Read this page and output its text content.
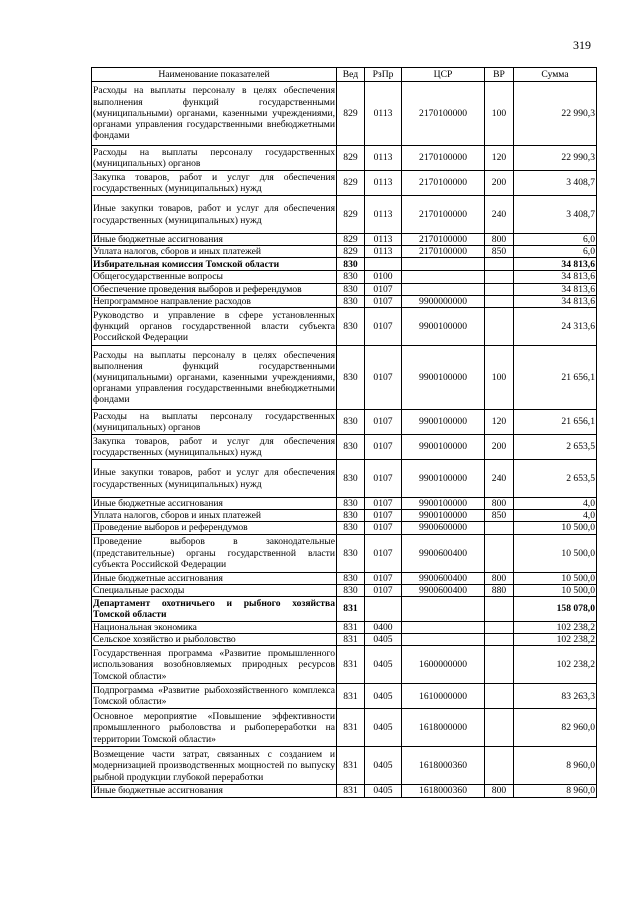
319
Наименование показателей	Вед	РзПр	ЦСР	ВР	Сумма
Расходы на выплаты персоналу в целях обеспечения выполнения функций государственными (муниципальными) органами, казенными учреждениями, органами управления государственными внебюджетными фондами	829	0113	2170100000	100	22 990,3
Расходы на выплаты персоналу государственных (муниципальных) органов	829	0113	2170100000	120	22 990,3
Закупка товаров, работ и услуг для обеспечения государственных (муниципальных) нужд	829	0113	2170100000	200	3 408,7
Иные закупки товаров, работ и услуг для обеспечения государственных (муниципальных) нужд	829	0113	2170100000	240	3 408,7
Иные бюджетные ассигнования	829	0113	2170100000	800	6,0
Уплата налогов, сборов и иных платежей	829	0113	2170100000	850	6,0
Избирательная комиссия Томской области	830				34 813,6
Общегосударственные вопросы	830	0100			34 813,6
Обеспечение проведения выборов и референдумов	830	0107			34 813,6
Непрограммное направление расходов	830	0107	9900000000		34 813,6
Руководство и управление в сфере установленных функций органов государственной власти субъекта Российской Федерации	830	0107	9900100000		24 313,6
Расходы на выплаты персоналу в целях обеспечения выполнения функций государственными (муниципальными) органами, казенными учреждениями, органами управления государственными внебюджетными фондами	830	0107	9900100000	100	21 656,1
Расходы на выплаты персоналу государственных (муниципальных) органов	830	0107	9900100000	120	21 656,1
Закупка товаров, работ и услуг для обеспечения государственных (муниципальных) нужд	830	0107	9900100000	200	2 653,5
Иные закупки товаров, работ и услуг для обеспечения государственных (муниципальных) нужд	830	0107	9900100000	240	2 653,5
Иные бюджетные ассигнования	830	0107	9900100000	800	4,0
Уплата налогов, сборов и иных платежей	830	0107	9900100000	850	4,0
Проведение выборов и референдумов	830	0107	9900600000		10 500,0
Проведение выборов в законодательные (представительные) органы государственной власти субъекта Российской Федерации	830	0107	9900600400		10 500,0
Иные бюджетные ассигнования	830	0107	9900600400	800	10 500,0
Специальные расходы	830	0107	9900600400	880	10 500,0
Департамент охотничьего и рыбного хозяйства Томской области	831				158 078,0
Национальная экономика	831	0400			102 238,2
Сельское хозяйство и рыболовство	831	0405			102 238,2
Государственная программа «Развитие промышленного использования возобновляемых природных ресурсов Томской области»	831	0405	1600000000		102 238,2
Подпрограмма «Развитие рыбохозяйственного комплекса Томской области»	831	0405	1610000000		83 263,3
Основное мероприятие «Повышение эффективности промышленного рыболовства и рыбопереработки на территории Томской области»	831	0405	1618000000		82 960,0
Возмещение части затрат, связанных с созданием и модернизацией производственных мощностей по выпуску рыбной продукции глубокой переработки	831	0405	1618000360		8 960,0
Иные бюджетные ассигнования	831	0405	1618000360	800	8 960,0
